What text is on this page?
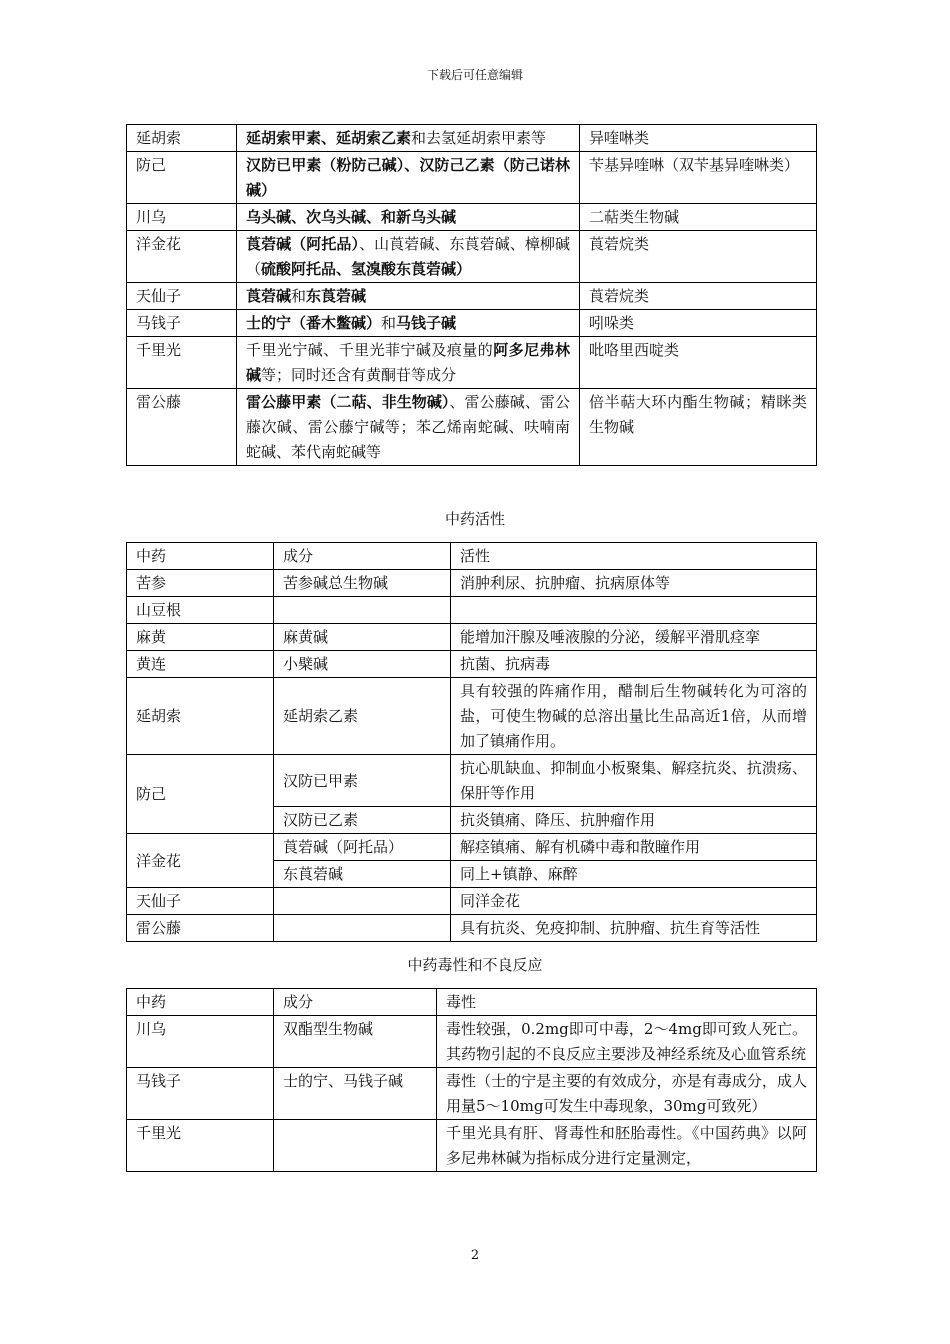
下载后可任意编辑
延胡索	延胡索甲素、延胡索乙素和去氢延胡索甲素等	异喹啉类
防己	汉防已甲素（粉防己碱）、汉防己乙素（防己诺林碱）	苄基异喹啉（双苄基异喹啉类）
川乌	乌头碱、次乌头碱、和新乌头碱	二萜类生物碱
洋金花	莨菪碱（阿托品）、山莨菪碱、东莨菪碱、樟柳碱（硫酸阿托品、氢溴酸东莨菪碱）	莨菪烷类
天仙子	莨菪碱和东莨菪碱	莨菪烷类
马钱子	士的宁（番木鳖碱）和马钱子碱	吲哚类
千里光	千里光宁碱、千里光菲宁碱及痕量的阿多尼弗林碱等；同时还含有黄酮苷等成分	吡咯里西啶类
雷公藤	雷公藤甲素（二萜、非生物碱）、雷公藤碱、雷公藤次碱、雷公藤宁碱等；苯乙烯南蛇碱、呋喃南蛇碱、苯代南蛇碱等	倍半萜大环内酯生物碱；精眯类生物碱
中药活性
中药	成分	活性
苦参	苦参碱总生物碱	消肿利尿、抗肿瘤、抗病原体等
山豆根		
麻黄	麻黄碱	能增加汗腺及唾液腺的分泌，缓解平滑肌痉挛
黄连	小檗碱	抗菌、抗病毒
延胡索	延胡索乙素	具有较强的阵痛作用，醋制后生物碱转化为可溶的盐，可使生物碱的总溶出量比生品高近1倍，从而增加了镇痛作用。
防己	汉防已甲素	抗心肌缺血、抑制血小板聚集、解痉抗炎、抗溃疡、保肝等作用
	汉防已乙素	抗炎镇痛、降压、抗肿瘤作用
洋金花	莨菪碱（阿托品）	解痉镇痛、解有机磷中毒和散瞳作用
	东莨菪碱	同上+镇静、麻醉
天仙子		同洋金花
雷公藤		具有抗炎、免疫抑制、抗肿瘤、抗生育等活性
中药毒性和不良反应
中药	成分	毒性
川乌	双酯型生物碱	毒性较强，0.2mg即可中毒，2～4mg即可致人死亡。其药物引起的不良反应主要涉及神经系统及心血管系统
马钱子	士的宁、马钱子碱	毒性（士的宁是主要的有效成分，亦是有毒成分，成人用量5～10mg可发生中毒现象，30mg可致死）
千里光		千里光具有肝、肾毒性和胚胎毒性。《中国药典》以阿多尼弗林碱为指标成分进行定量测定，
2
